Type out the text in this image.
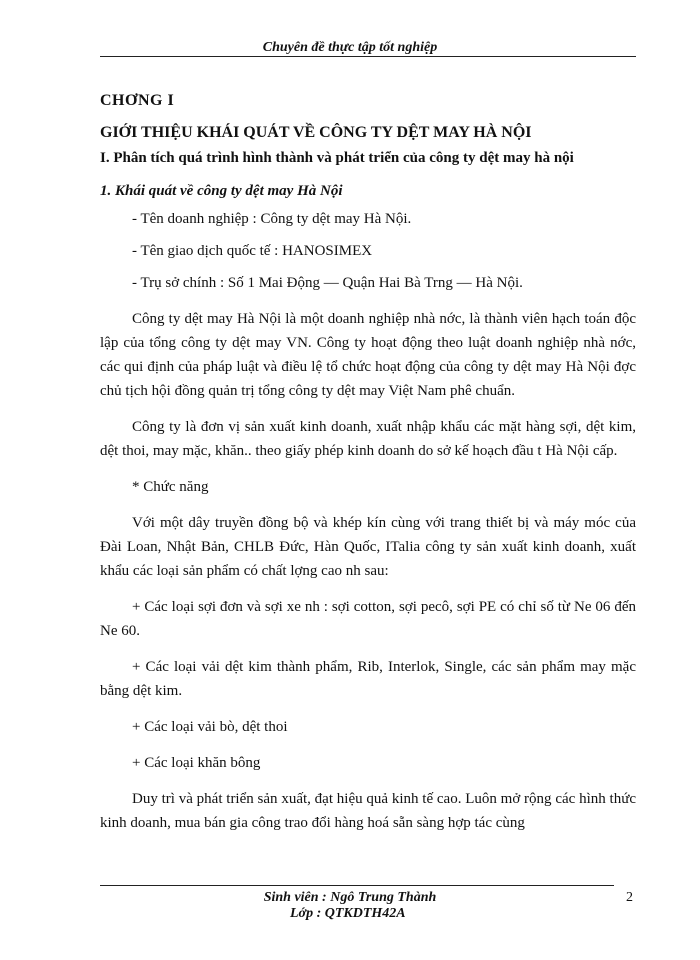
Chuyên đề thực tập tốt nghiệp
CHƠNG I
GIỚI THIỆU KHÁI QUÁT VỀ CÔNG TY DỆT MAY HÀ NỘI
I. Phân tích quá trình hình thành và phát triển của công ty dệt may hà nội
1. Khái quát về công ty dệt may Hà Nội
- Tên doanh nghiệp : Công ty dệt may Hà Nội.
- Tên giao dịch quốc tế : HANOSIMEX
- Trụ sở chính : Số 1 Mai Động — Quận Hai Bà Trng — Hà Nội.

Công ty dệt may Hà Nội là một doanh nghiệp nhà nớc, là thành viên hạch toán độc lập của tổng công ty dệt may VN. Công ty hoạt động theo luật doanh nghiệp nhà nớc, các qui định của pháp luật và điều lệ tổ chức hoạt động của công ty dệt may Hà Nội đợc chủ tịch hội đồng quản trị tổng công ty dệt may Việt Nam phê chuẩn.

Công ty là đơn vị sản xuất kinh doanh, xuất nhập khẩu các mặt hàng sợi, dệt kim, dệt thoi, may mặc, khăn.. theo giấy phép kinh doanh do sở kế hoạch đầu t Hà Nội cấp.

* Chức năng

Với một dây truyền đồng bộ và khép kín cùng với trang thiết bị và máy móc của Đài Loan, Nhật Bản, CHLB Đức, Hàn Quốc, ITalia công ty sản xuất kinh doanh, xuất khẩu các loại sản phẩm có chất lợng cao nh sau:

+ Các loại sợi đơn và sợi xe nh : sợi cotton, sợi pecô, sợi PE có chỉ số từ Ne 06 đến Ne 60.

+ Các loại vải dệt kim thành phẩm, Rib, Interlok, Single, các sản phẩm may mặc bằng dệt kim.

+ Các loại vải bò, dệt thoi

+ Các loại khăn bông

Duy trì và phát triển sản xuất, đạt hiệu quả kinh tế cao. Luôn mở rộng các hình thức kinh doanh, mua bán gia công trao đổi hàng hoá sẵn sàng hợp tác cùng

Sinh viên : Ngô Trung Thành
Lớp : QTKDTH42A
2
